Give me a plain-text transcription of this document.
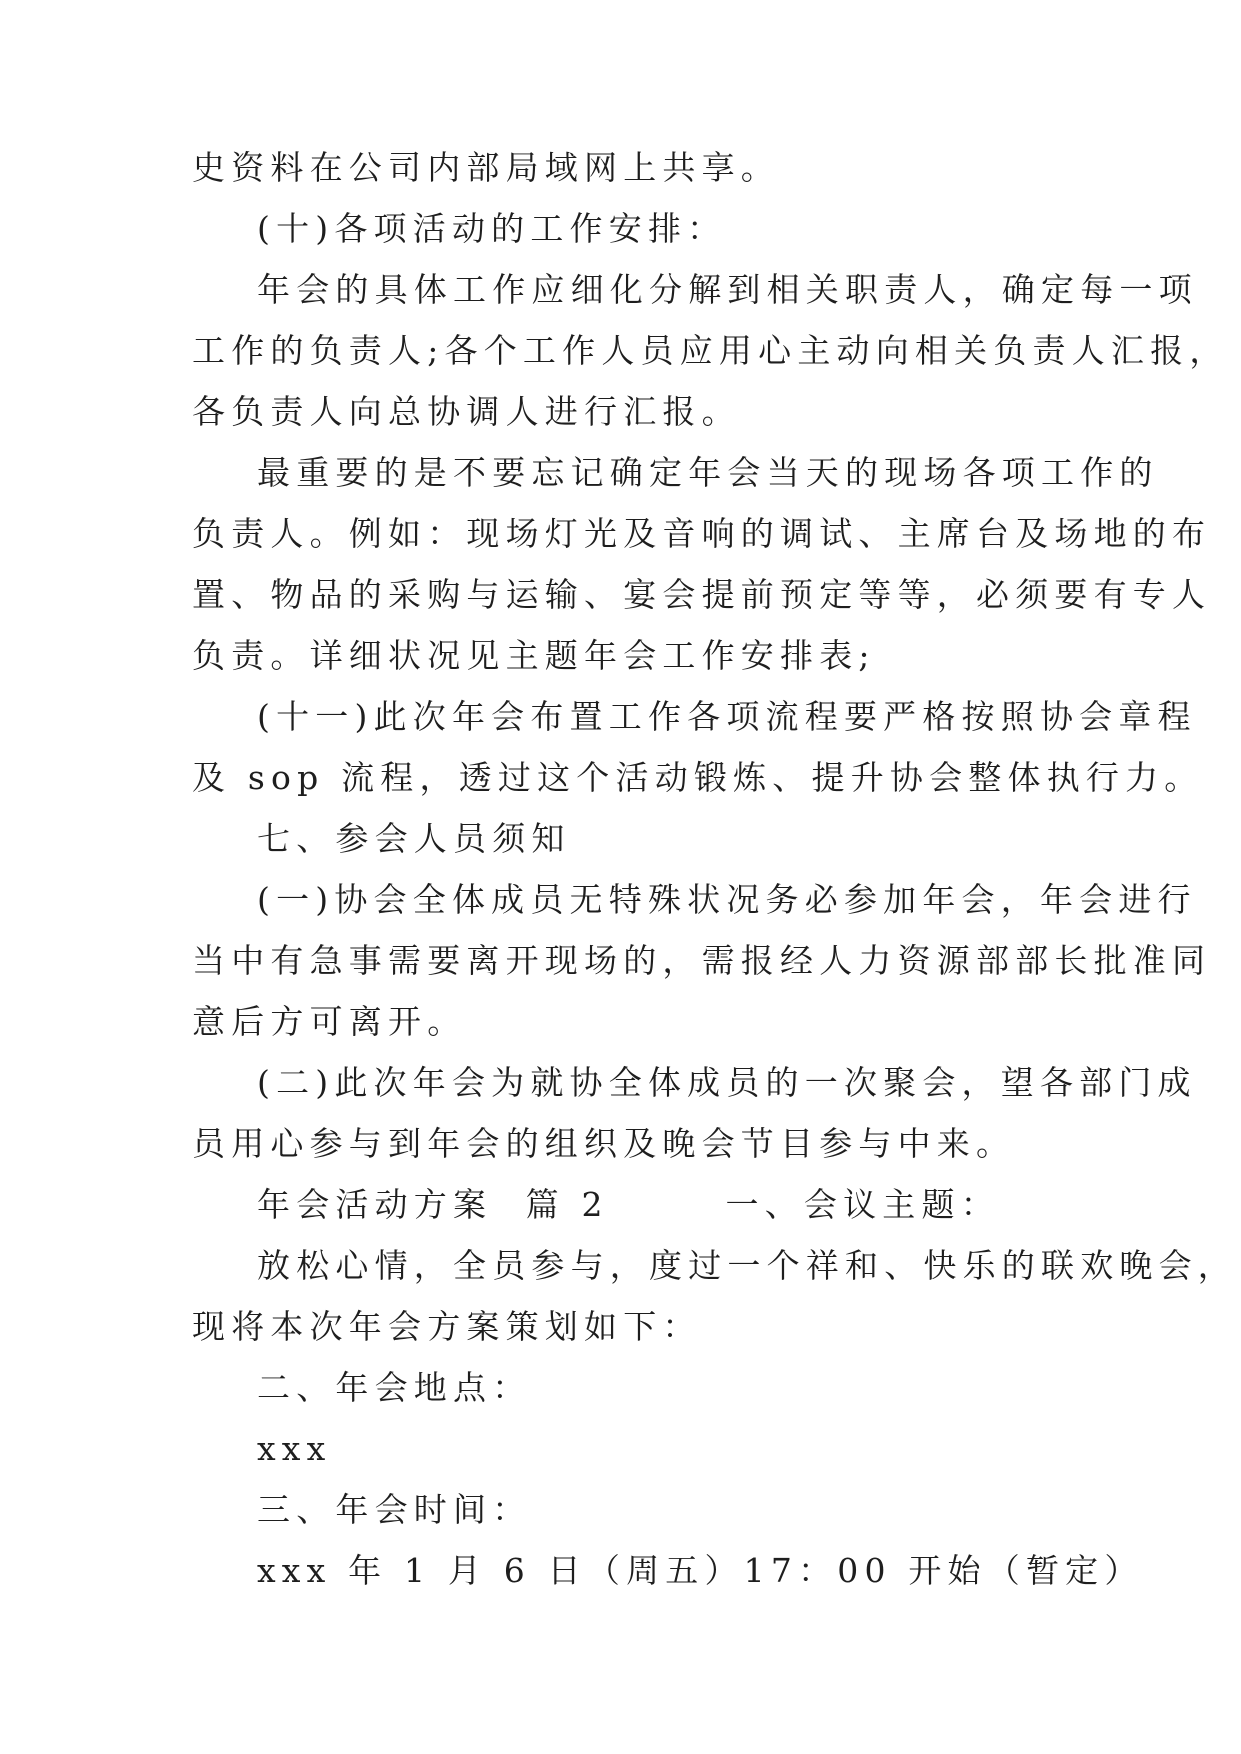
史资料在公司内部局域网上共享。
(十)各项活动的工作安排：
年会的具体工作应细化分解到相关职责人，确定每一项
工作的负责人;各个工作人员应用心主动向相关负责人汇报，
各负责人向总协调人进行汇报。
最重要的是不要忘记确定年会当天的现场各项工作的
负责人。例如：现场灯光及音响的调试、主席台及场地的布
置、物品的采购与运输、宴会提前预定等等，必须要有专人
负责。详细状况见主题年会工作安排表;
(十一)此次年会布置工作各项流程要严格按照协会章程
及 sop 流程，透过这个活动锻炼、提升协会整体执行力。
七、参会人员须知
(一)协会全体成员无特殊状况务必参加年会，年会进行
当中有急事需要离开现场的，需报经人力资源部部长批准同
意后方可离开。
(二)此次年会为就协全体成员的一次聚会，望各部门成
员用心参与到年会的组织及晚会节目参与中来。
年会活动方案  篇 2       一、会议主题：
放松心情，全员参与，度过一个祥和、快乐的联欢晚会，
现将本次年会方案策划如下：
二、年会地点：
xxx
三、年会时间：
xxx 年 1 月 6 日（周五）17：00 开始（暂定）
